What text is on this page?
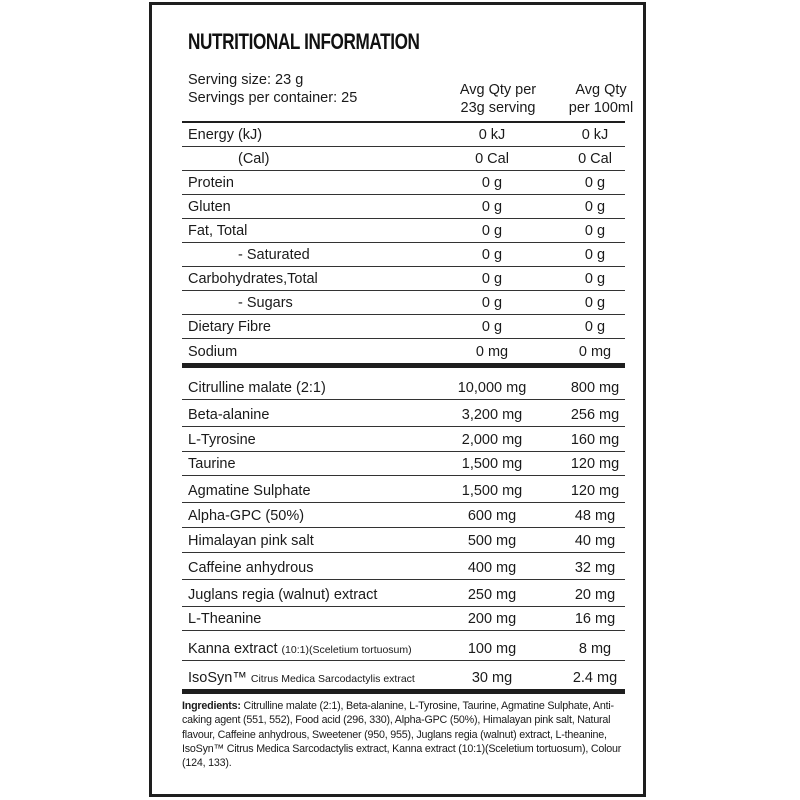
NUTRITIONAL INFORMATION
Serving size: 23 g
Servings per container: 25	Avg Qty per
23g serving
Avg Qty
per 100ml
Energy (kJ)	0 kJ	0 kJ
(Cal)	0 Cal	0 Cal
Protein	0 g	0 g
Gluten	0 g	0 g
Fat, Total	0 g	0 g
- Saturated	0 g	0 g
Carbohydrates,Total	0 g	0 g
- Sugars	0 g	0 g
Dietary Fibre	0 g	0 g
Sodium	0 mg	0 mg
Citrulline malate (2:1)	10,000 mg	800 mg
Beta-alanine	3,200 mg	256 mg
L-Tyrosine	2,000 mg	160 mg
Taurine	1,500 mg	120 mg
Agmatine Sulphate	1,500 mg	120 mg
Alpha-GPC (50%)	600 mg	48 mg
Himalayan pink salt	500 mg	40 mg
Caffeine anhydrous	400 mg	32 mg
Juglans regia (walnut) extract	250 mg	20 mg
L-Theanine	200 mg	16 mg
Kanna extract (10:1)(Sceletium tortuosum)	100 mg	8 mg
IsoSyn™ Citrus Medica Sarcodactylis extract	30 mg	2.4 mg
Ingredients: Citrulline malate (2:1), Beta-alanine, L-Tyrosine, Taurine, Agmatine Sulphate, Anti-caking agent (551, 552), Food acid (296, 330), Alpha-GPC (50%), Himalayan pink salt, Natural flavour, Caffeine anhydrous, Sweetener (950, 955), Juglans regia (walnut) extract, L-theanine, IsoSyn™ Citrus Medica Sarcodactylis extract, Kanna extract (10:1)(Sceletium tortuosum), Colour (124, 133).
